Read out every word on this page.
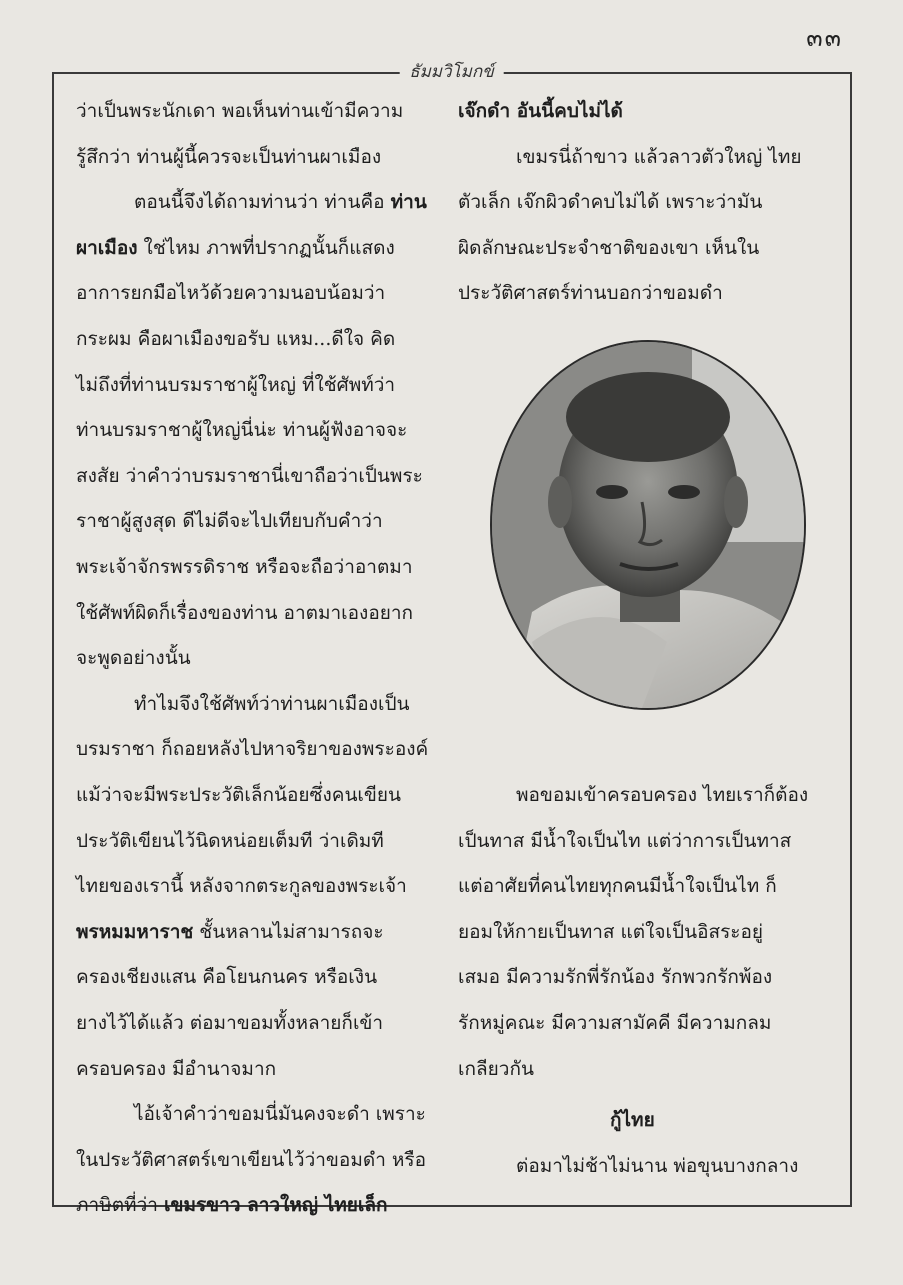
๓๓
ธัมมวิโมกข์
ว่าเป็นพระนักเดา พอเห็นท่านเข้ามีความ
รู้สึกว่า ท่านผู้นี้ควรจะเป็นท่านผาเมือง
ตอนนี้จึงได้ถามท่านว่า ท่านคือ ท่าน
ผาเมือง ใช่ไหม ภาพที่ปรากฏนั้นก็แสดง
อาการยกมือไหว้ด้วยความนอบน้อมว่า
กระผม คือผาเมืองขอรับ แหม...ดีใจ คิด
ไม่ถึงที่ท่านบรมราชาผู้ใหญ่ ที่ใช้ศัพท์ว่า
ท่านบรมราชาผู้ใหญ่นี่น่ะ ท่านผู้ฟังอาจจะ
สงสัย ว่าคำว่าบรมราชานี่เขาถือว่าเป็นพระ
ราชาผู้สูงสุด ดีไม่ดีจะไปเทียบกับคำว่า
พระเจ้าจักรพรรดิราช หรือจะถือว่าอาตมา
ใช้ศัพท์ผิดก็เรื่องของท่าน อาตมาเองอยาก
จะพูดอย่างนั้น
ทำไมจึงใช้ศัพท์ว่าท่านผาเมืองเป็น
บรมราชา ก็ถอยหลังไปหาจริยาของพระองค์
แม้ว่าจะมีพระประวัติเล็กน้อยซึ่งคนเขียน
ประวัติเขียนไว้นิดหน่อยเต็มที ว่าเดิมที
ไทยของเรานี้ หลังจากตระกูลของพระเจ้า
พรหมมหาราช ชั้นหลานไม่สามารถจะ
ครองเชียงแสน คือโยนกนคร หรือเงิน
ยางไว้ได้แล้ว ต่อมาขอมทั้งหลายก็เข้า
ครอบครอง มีอำนาจมาก
ไอ้เจ้าคำว่าขอมนี่มันคงจะดำ เพราะ
ในประวัติศาสตร์เขาเขียนไว้ว่าขอมดำ หรือ
ภาษิตที่ว่า เขมรขาว ลาวใหญ่ ไทยเล็ก
เจ๊กดำ อันนี้คบไม่ได้
เขมรนี่ถ้าขาว แล้วลาวตัวใหญ่ ไทย
ตัวเล็ก เจ๊กผิวดำคบไม่ได้ เพราะว่ามัน
ผิดลักษณะประจำชาติของเขา เห็นใน
ประวัติศาสตร์ท่านบอกว่าขอมดำ
พอขอมเข้าครอบครอง ไทยเราก็ต้อง
เป็นทาส มีน้ำใจเป็นไท แต่ว่าการเป็นทาส
แต่อาศัยที่คนไทยทุกคนมีน้ำใจเป็นไท ก็
ยอมให้กายเป็นทาส แต่ใจเป็นอิสระอยู่
เสมอ มีความรักพี่รักน้อง รักพวกรักพ้อง
รักหมู่คณะ มีความสามัคคี มีความกลม
เกลียวกัน
กู้ไทย
ต่อมาไม่ช้าไม่นาน พ่อขุนบางกลาง
